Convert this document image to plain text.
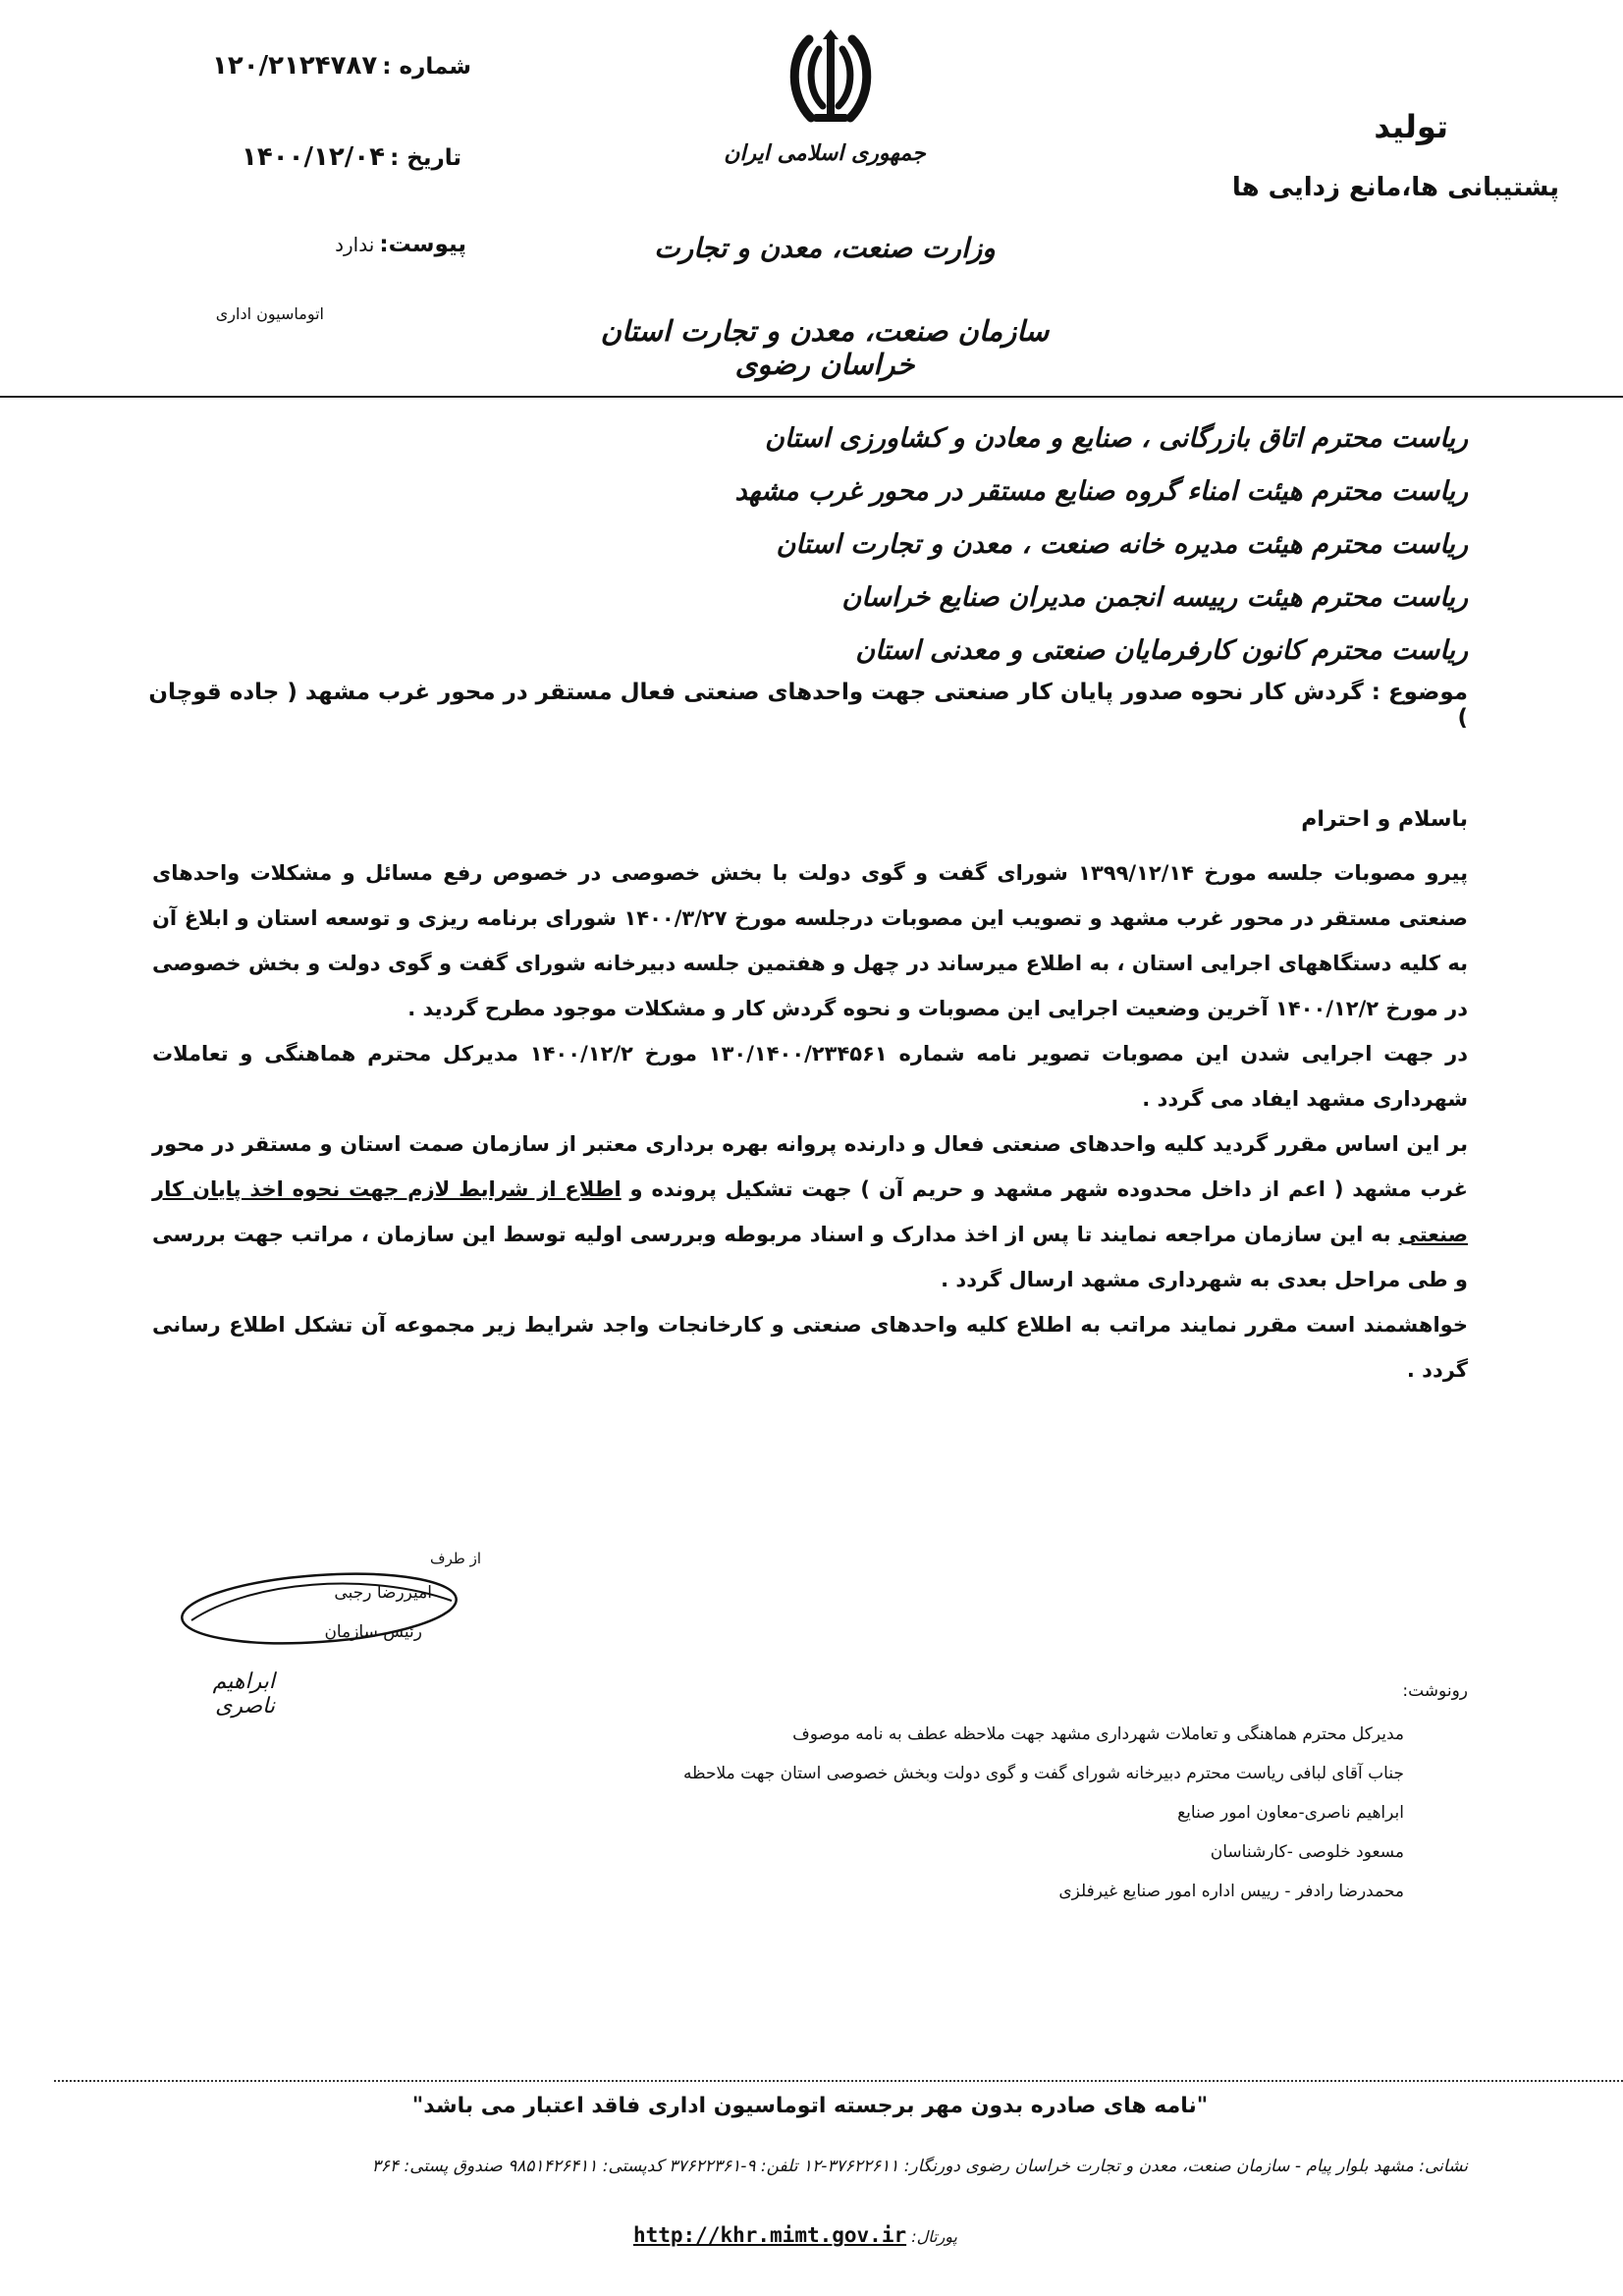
شماره : ۱۲۰/۲۱۲۴۷۸۷
تاریخ : ۱۴۰۰/۱۲/۰۴
پیوست: ندارد
اتوماسیون اداری
جمهوری اسلامی ایران
وزارت صنعت، معدن و تجارت
سازمان صنعت، معدن و تجارت استان خراسان رضوی
تولید
پشتیبانی ها،مانع زدایی ها
ریاست محترم اتاق بازرگانی ، صنایع و معادن و کشاورزی استان
ریاست محترم هیئت امناء گروه صنایع مستقر در محور غرب مشهد
ریاست محترم هیئت مدیره خانه صنعت ، معدن و تجارت استان
ریاست محترم هیئت رییسه انجمن مدیران صنایع خراسان
ریاست محترم کانون کارفرمایان صنعتی و معدنی استان
موضوع : گردش کار نحوه صدور پایان کار صنعتی جهت واحدهای صنعتی فعال مستقر در محور غرب مشهد ( جاده قوچان )
باسلام و احترام

پیرو مصوبات جلسه مورخ ۱۳۹۹/۱۲/۱۴ شورای گفت و گوی دولت با بخش خصوصی در خصوص رفع مسائل و مشکلات واحدهای صنعتی مستقر در محور غرب مشهد و تصویب این مصوبات درجلسه مورخ ۱۴۰۰/۳/۲۷ شورای برنامه ریزی و توسعه استان و ابلاغ آن به کلیه دستگاههای اجرایی استان ، به اطلاع میرساند در چهل و هفتمین جلسه دبیرخانه شورای گفت و گوی دولت و بخش خصوصی در مورخ ۱۴۰۰/۱۲/۲ آخرین وضعیت اجرایی این مصوبات و نحوه گردش کار و مشکلات موجود مطرح گردید .

در جهت اجرایی شدن این مصوبات تصویر نامه شماره ۱۳۰/۱۴۰۰/۲۳۴۵۶۱ مورخ ۱۴۰۰/۱۲/۲ مدیرکل محترم هماهنگی و تعاملات شهرداری مشهد ایفاد می گردد .

بر این اساس مقرر گردید کلیه واحدهای صنعتی فعال و دارنده پروانه بهره برداری معتبر از سازمان صمت استان و مستقر در محور غرب مشهد ( اعم از داخل محدوده شهر مشهد و حریم آن ) جهت تشکیل پرونده و اطلاع از شرایط لازم جهت نحوه اخذ پایان کار صنعتی به این سازمان مراجعه نمایند تا پس از اخذ مدارک و اسناد مربوطه وبررسی اولیه توسط این سازمان ، مراتب جهت بررسی و طی مراحل بعدی به شهرداری مشهد ارسال گردد .

خواهشمند است مقرر نمایند مراتب به اطلاع کلیه واحدهای صنعتی و کارخانجات واجد شرایط زیر مجموعه آن تشکل اطلاع رسانی گردد .

از طرف
امیررضا رجبی
رئیس سازمان
ابراهیم ناصری
رونوشت:
مدیرکل محترم هماهنگی و تعاملات شهرداری مشهد جهت ملاحظه عطف به نامه موصوف
جناب آقای لبافی ریاست محترم دبیرخانه شورای گفت و گوی دولت وبخش خصوصی استان جهت ملاحظه
ابراهیم ناصری-معاون امور صنایع
مسعود خلوصی -کارشناسان
محمدرضا رادفر - رییس اداره امور صنایع غیرفلزی
"نامه های صادره بدون مهر برجسته اتوماسیون اداری فاقد اعتبار می باشد"
نشانی: مشهد بلوار پیام - سازمان صنعت، معدن و تجارت خراسان رضوی دورنگار: ۳۷۶۲۲۶۱۱-۱۲ تلفن: ۹-۳۷۶۲۲۳۶۱ کدپستی: ۹۸۵۱۴۲۶۴۱۱ صندوق پستی: ۳۶۴
پورتال: http://khr.mimt.gov.ir
